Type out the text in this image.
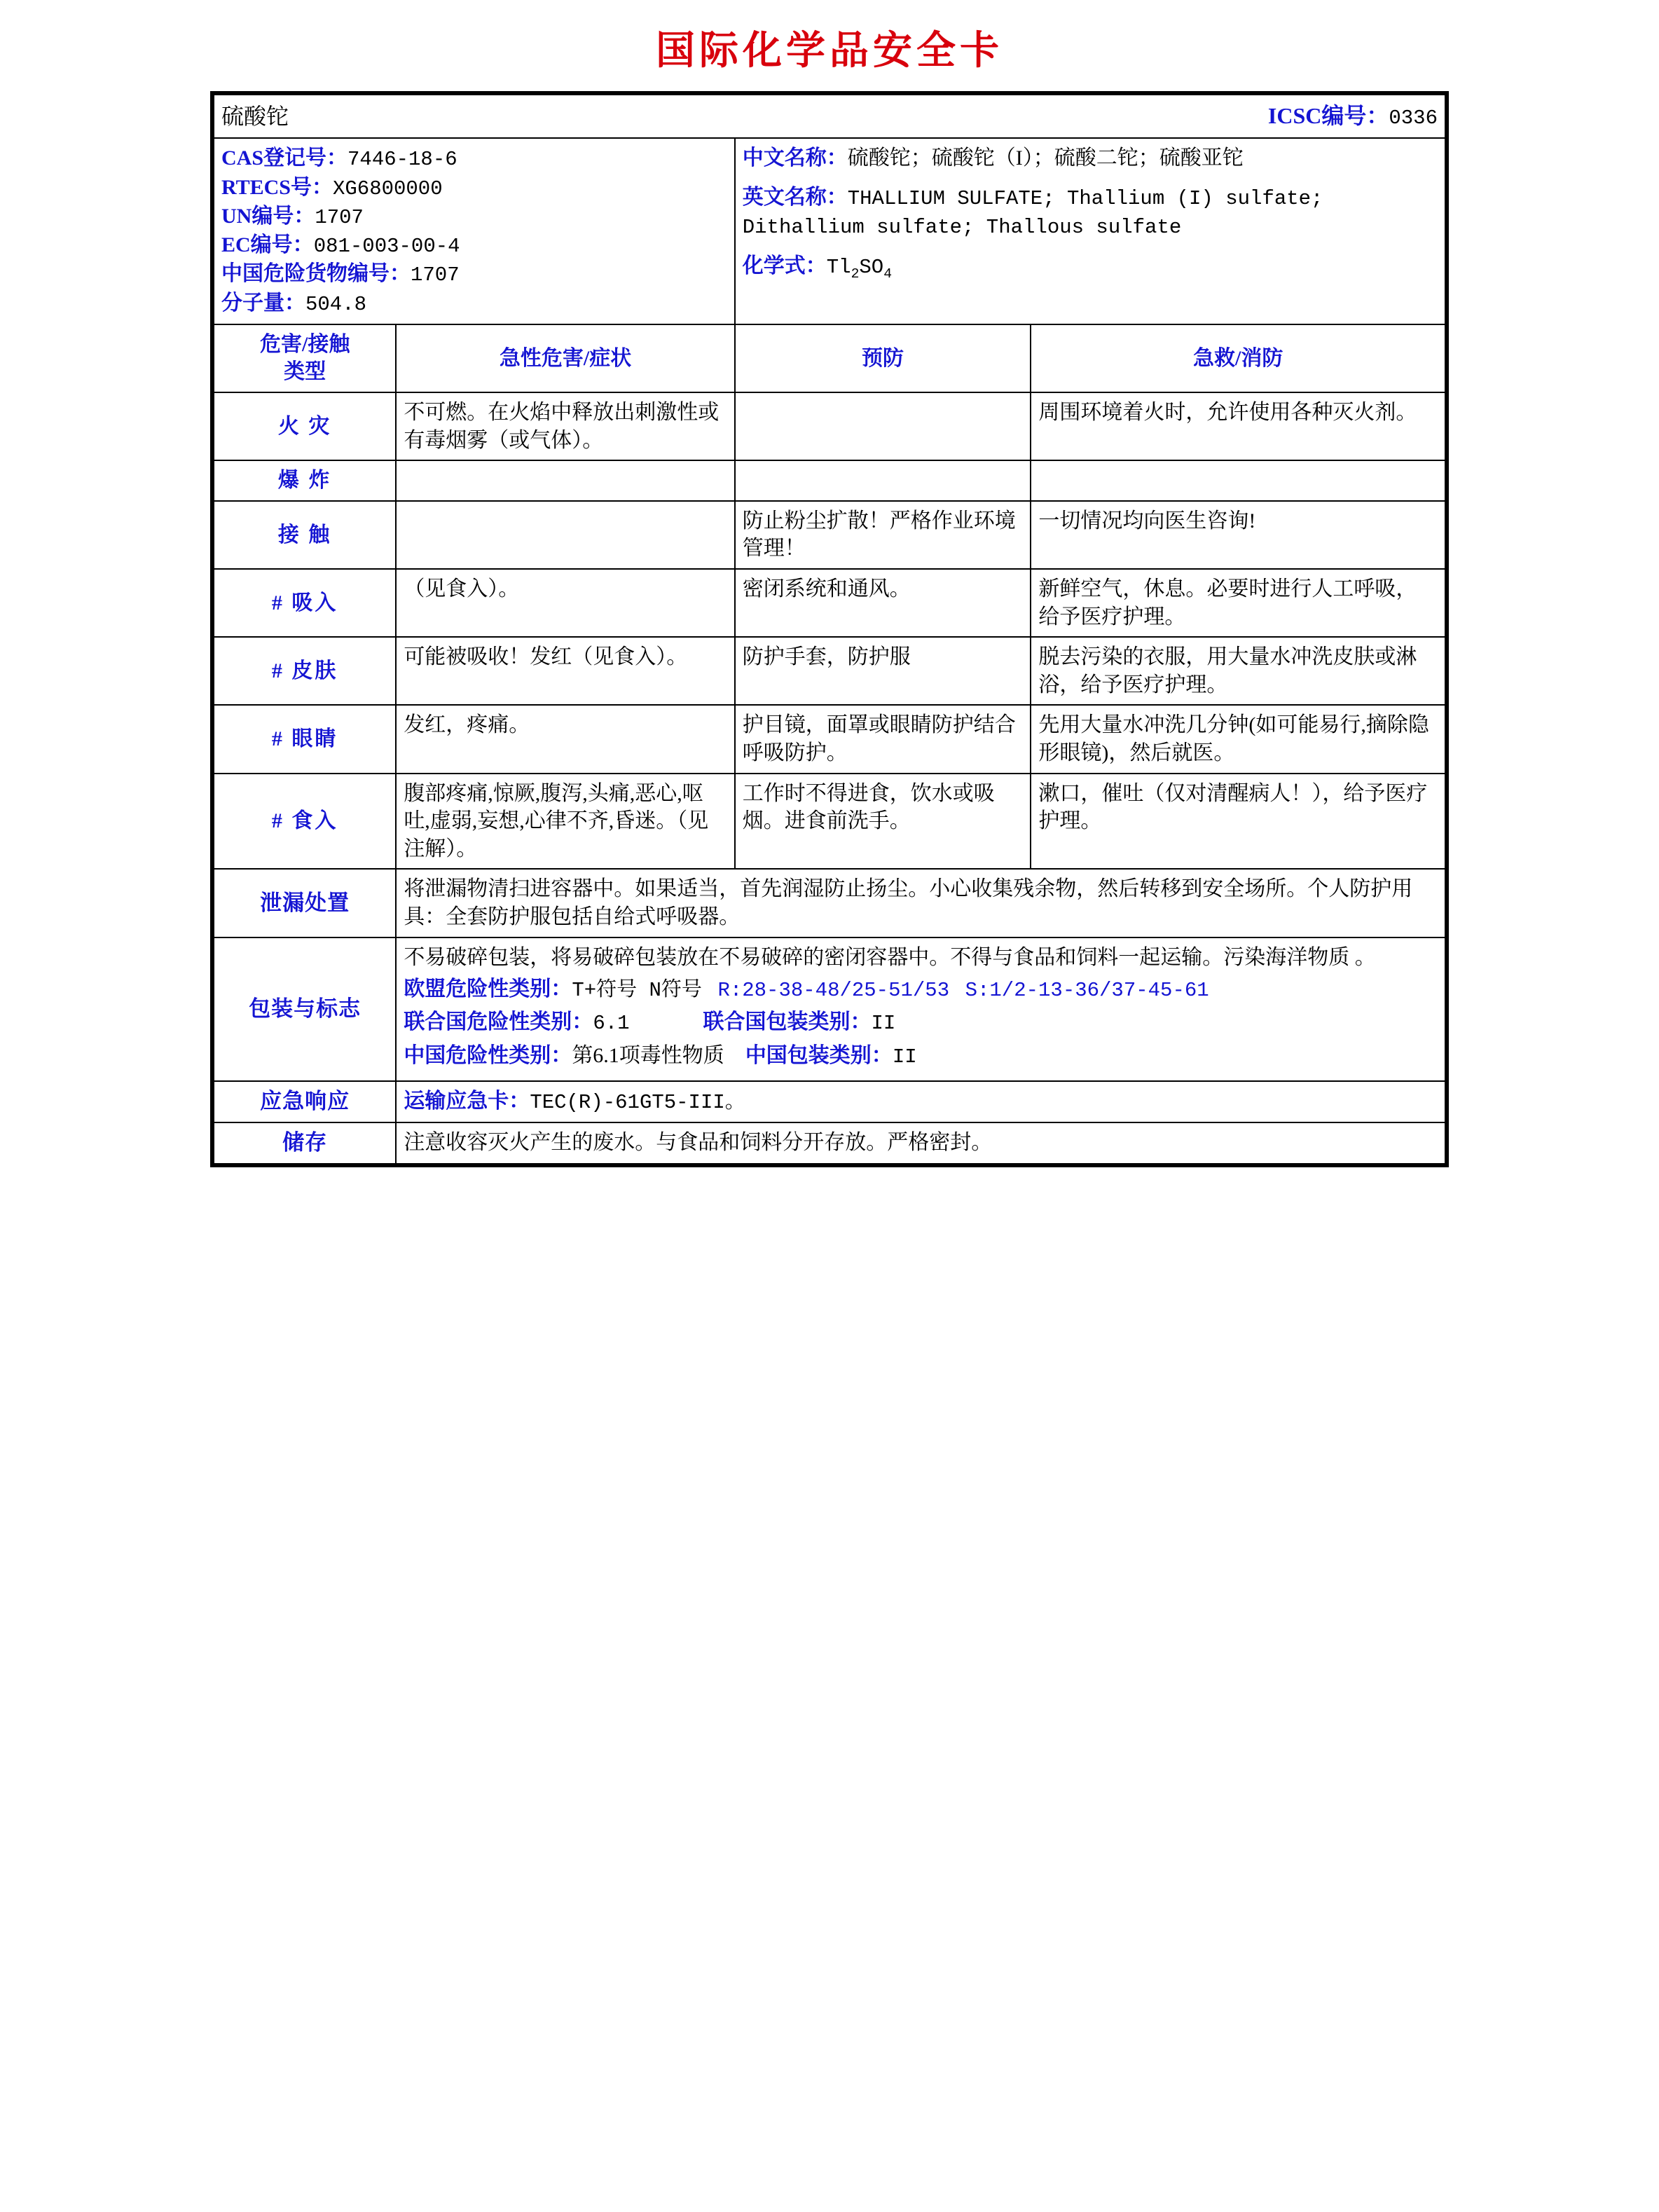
国际化学品安全卡
硫酸铊 ICSC编号：0336			

CAS登记号：7446-18-6
RTECS号：XG6800000
UN编号：1707
EC编号：081-003-00-4
中国危险货物编号：1707
分子量：504.8

中文名称：硫酸铊；硫酸铊（I）；硫酸二铊；硫酸亚铊
英文名称：THALLIUM SULFATE; Thallium (I) sulfate; Dithallium sulfate; Thallous sulfate
化学式：$Tl_2SO_4$

危害/接触
类型	急性危害/症状	预防	急救/消防
火 灾	不可燃。在火焰中释放出刺激性或有毒烟雾（或气体）。		周围环境着火时，允许使用各种灭火剂。
爆 炸			
接 触		防止粉尘扩散！严格作业环境管理！	一切情况均向医生咨询!
# 吸入	（见食入）。	密闭系统和通风。	新鲜空气，休息。必要时进行人工呼吸，给予医疗护理。
# 皮肤	可能被吸收！发红（见食入）。	防护手套，防护服	脱去污染的衣服，用大量水冲洗皮肤或淋浴，给予医疗护理。
# 眼睛	发红，疼痛。	护目镜，面罩或眼睛防护结合呼吸防护。	先用大量水冲洗几分钟(如可能易行,摘除隐形眼镜)，然后就医。
# 食入	腹部疼痛,惊厥,腹泻,头痛,恶心,呕吐,虚弱,妄想,心律不齐,昏迷。（见注解）。	工作时不得进食，饮水或吸烟。进食前洗手。	漱口，催吐（仅对清醒病人！），给予医疗护理。
泄漏处置	将泄漏物清扫进容器中。如果适当，首先润湿防止扬尘。小心收集残余物，然后转移到安全场所。个人防护用具：全套防护服包括自给式呼吸器。		
包装与标志	不易破碎包装，将易破碎包装放在不易破碎的密闭容器中。不得与食品和饲料一起运输。污染海洋物质 。

欧盟危险性类别：T+符号 N符号 R:28-38-48/25-51/53 S:1/2-13-36/37-45-61

联合国危险性类别：6.1 联合国包装类别：II

中国危险性类别：第6.1项毒性物质 中国包装类别：II		

应急响应	运输应急卡：TEC(R)-61GT5-III。		
储存	注意收容灭火产生的废水。与食品和饲料分开存放。严格密封。		
